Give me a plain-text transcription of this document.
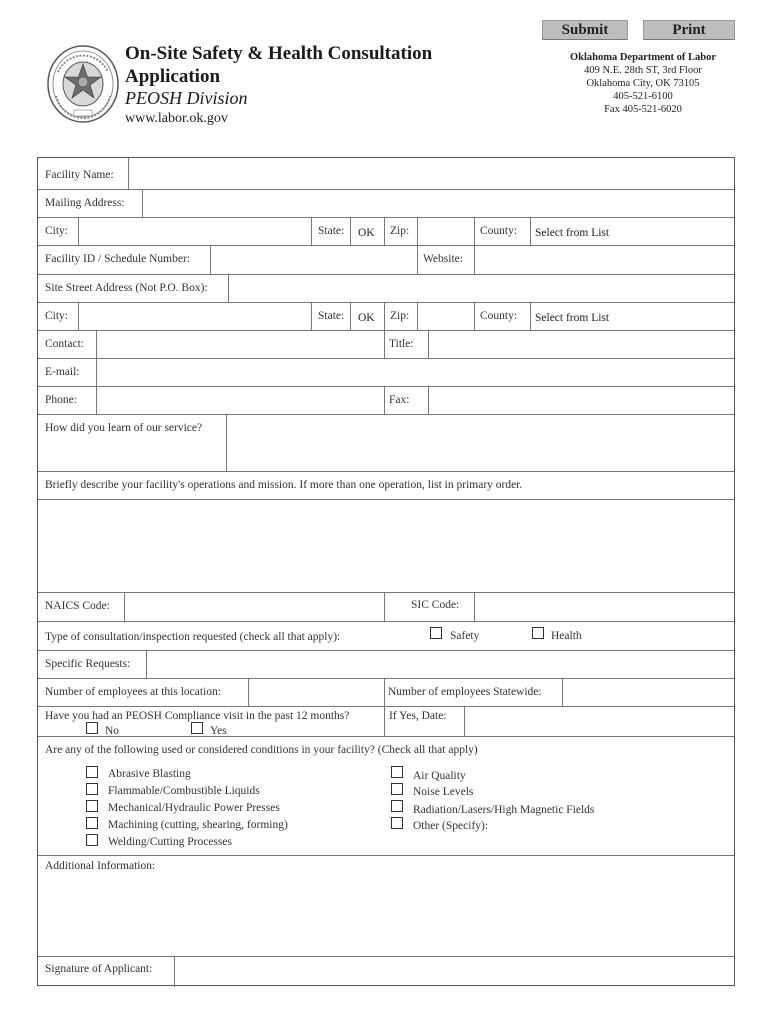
Submit	Print
On-Site Safety & Health Consultation
Application
PEOSH Division
www.labor.ok.gov
Oklahoma Department of Labor
409 N.E. 28th ST, 3rd Floor
Oklahoma City, OK 73105
405-521-6100
Fax 405-521-6020
Facility Name:
Mailing Address:
City:	State: OK Zip:	County: Select from List
Facility ID / Schedule Number:	Website:
Site Street Address (Not P.O. Box):
City:	State: OK Zip:	County: Select from List
Contact:	Title:
E-mail:
Phone:	Fax:
How did you learn of our service?
Briefly describe your facility's operations and mission. If more than one operation, list in primary order.
NAICS Code:	SIC Code:
Type of consultation/inspection requested (check all that apply):	Safety	Health
Specific Requests:
Number of employees at this location:	Number of employees Statewide:
Have you had an PEOSH Compliance visit in the past 12 months?
No	Yes
If Yes, Date:
Are any of the following used or considered conditions in your facility? (Check all that apply)
Abrasive Blasting
Flammable/Combustible Liquids
Mechanical/Hydraulic Power Presses
Machining (cutting, shearing, forming)
Welding/Cutting Processes
Air Quality
Noise Levels
Radiation/Lasers/High Magnetic Fields
Other (Specify):
Additional Information:
Signature of Applicant:
